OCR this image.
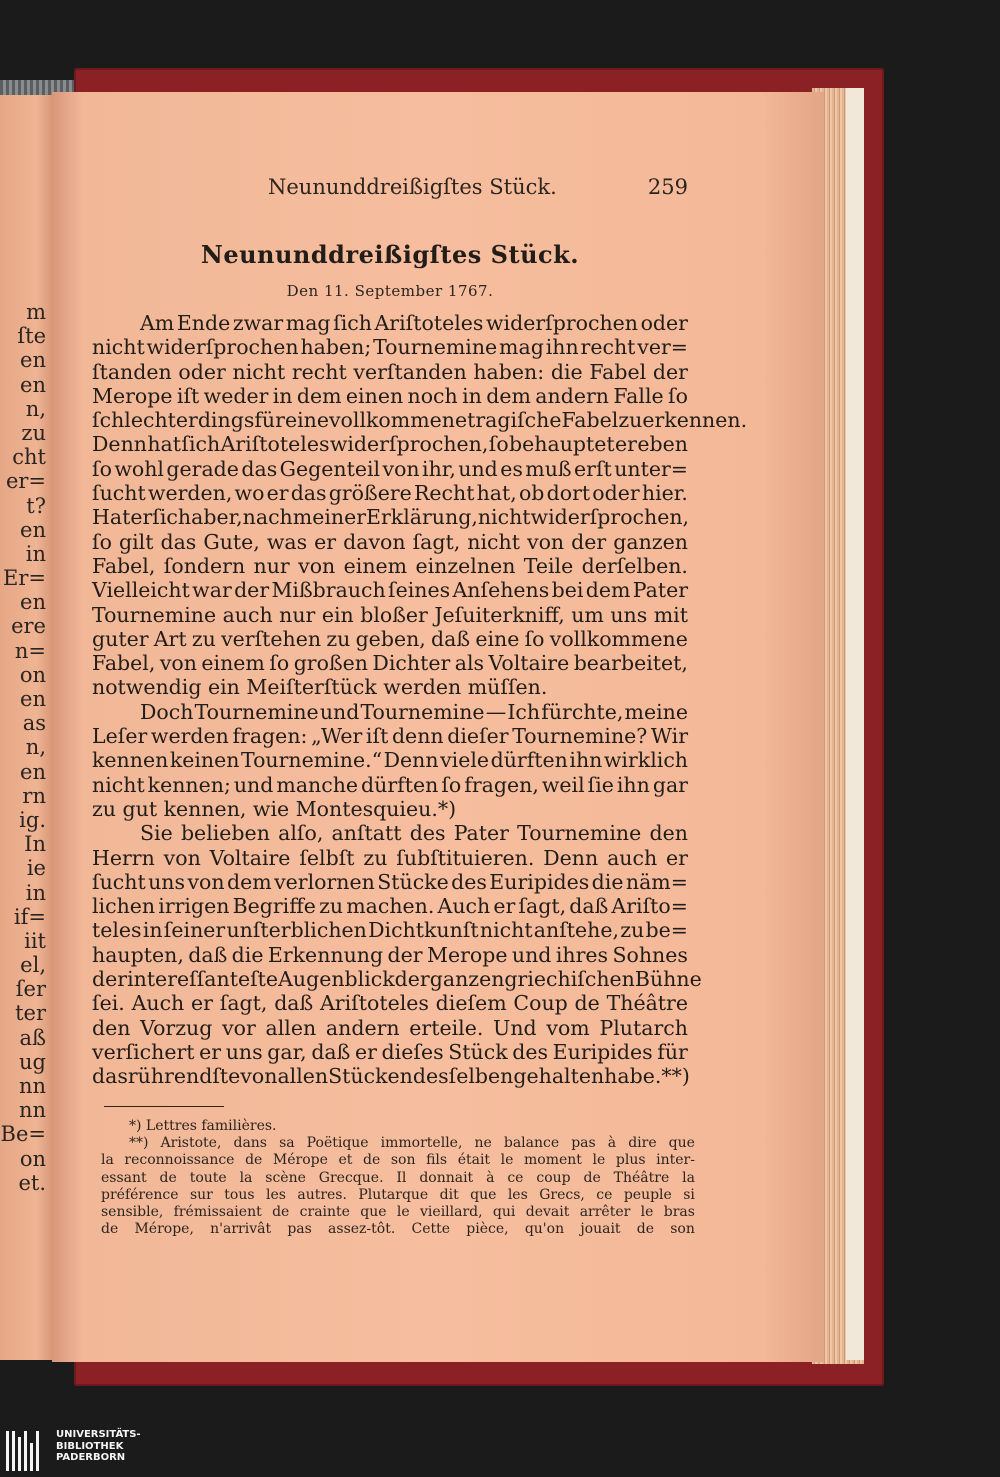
m
ſte
en
en
n,
zu
cht
er=
t?
en
in
Er=
en
ere
n=
on
en
as
n,
en
rn
ig.
In
ie
in
if=
iit
el,
ſer
ter
aß
ug
nn
nn
Be=
on
et.
Neununddreißigſtes Stück.	259
Neununddreißigſtes Stück.
Den 11. September 1767.
Am Ende zwar mag ſich Ariſtoteles widerſprochen oder
nicht widerſprochen haben; Tournemine mag ihn recht ver=
ſtanden oder nicht recht verſtanden haben: die Fabel der
Merope iſt weder in dem einen noch in dem andern Falle ſo
ſchlechterdings für eine vollkommene tragiſche Fabel zu erkennen.
Denn hat ſich Ariſtoteles widerſprochen, ſo behauptet er eben
ſo wohl gerade das Gegenteil von ihr, und es muß erſt unter=
ſucht werden, wo er das größere Recht hat, ob dort oder hier.
Hat er ſich aber, nach meiner Erklärung, nicht widerſprochen,
ſo gilt das Gute, was er davon ſagt, nicht von der ganzen
Fabel, ſondern nur von einem einzelnen Teile derſelben.
Vielleicht war der Mißbrauch ſeines Anſehens bei dem Pater
Tournemine auch nur ein bloßer Jeſuiterkniff, um uns mit
guter Art zu verſtehen zu geben, daß eine ſo vollkommene
Fabel, von einem ſo großen Dichter als Voltaire bearbeitet,
notwendig ein Meiſterſtück werden müſſen.
Doch Tournemine und Tournemine — Ich fürchte, meine
Leſer werden fragen: „Wer iſt denn dieſer Tournemine? Wir
kennen keinen Tournemine.“ Denn viele dürften ihn wirklich
nicht kennen; und manche dürften ſo fragen, weil ſie ihn gar
zu gut kennen, wie Montesquieu.*)
Sie belieben alſo, anſtatt des Pater Tournemine den
Herrn von Voltaire ſelbſt zu ſubſtituieren. Denn auch er
ſucht uns von dem verlornen Stücke des Euripides die näm=
lichen irrigen Begriffe zu machen. Auch er ſagt, daß Ariſto=
teles in ſeiner unſterblichen Dichtkunſt nicht anſtehe, zu be=
haupten, daß die Erkennung der Merope und ihres Sohnes
der intereſſanteſte Augenblick der ganzen griechiſchen Bühne
ſei. Auch er ſagt, daß Ariſtoteles dieſem Coup de Théâtre
den Vorzug vor allen andern erteile. Und vom Plutarch
verſichert er uns gar, daß er dieſes Stück des Euripides für
das rührendſte von allen Stücken desſelben gehalten habe.**)
*) Lettres familières.
**) Aristote, dans sa Poëtique immortelle, ne balance pas à dire que
la reconnoissance de Mérope et de son fils était le moment le plus inter-
essant de toute la scène Grecque. Il donnait à ce coup de Théâtre la
préférence sur tous les autres. Plutarque dit que les Grecs, ce peuple si
sensible, frémissaient de crainte que le vieillard, qui devait arrêter le bras
de Mérope, n'arrivât pas assez-tôt. Cette pièce, qu'on jouait de son
UNIVERSITÄTS-
BIBLIOTHEK
PADERBORN
